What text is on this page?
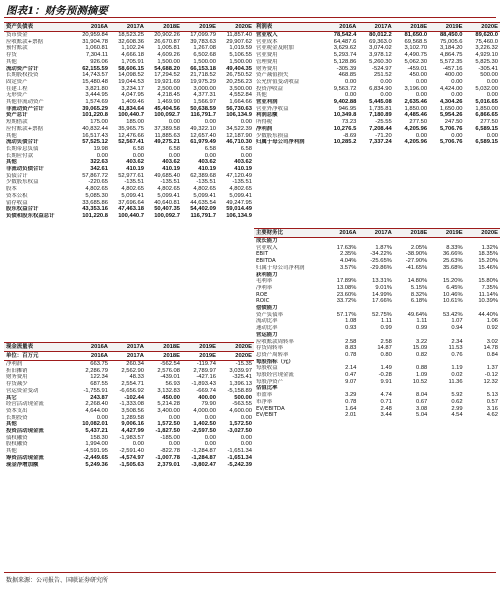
图表1：财务预测摘要
资产负债表	2016A	2017A	2018E	2019E	2020E
货币资金	20,959.84	18,523.25	20,902.26	17,099.79	11,857.40
应收账款+票据	31,904.78	32,608.36	26,670.87	39,783.63	29,907.62
预付账款	1,060.81	1,102.24	1,005.81	1,267.08	1,019.59
存货	7,304.11	4,666.18	4,609.26	6,502.68	5,106.55
其他	926.06	1,705.91	1,500.00	1,500.00	1,500.00
流动资产合计	62,155.59	58,606.15	54,688.20	66,153.18	49,404.35
长期股权投资	14,743.57	14,098.52	17,294.52	21,718.52	26,750.52
固定资产	15,480.48	19,044.53	19,921.69	19,975.29	20,256.23
在建工程	3,821.80	3,234.17	2,500.00	3,000.00	3,500.00
无形资产	3,444.95	4,047.95	4,218.45	4,377.31	4,552.84
其他非流动资产	1,574.69	1,409.46	1,469.90	1,566.97	1,664.66
非流动资产合计	39,065.29	41,834.64	45,404.56	50,638.59	56,730.63
资产总计	101,220.8	100,440.7	100,092.7	116,791.7	106,134.9
短期借款	175.00	185.00	0.00	0.00	0.00
应付账款+票据	40,832.44	35,965.75	37,389.58	49,322.10	34,522.39
其他	16,517.43	12,476.66	11,885.63	12,657.40	12,187.90
流动负债合计	57,525.12	52,567.41	49,275.21	61,979.49	46,710.30
长期带息负债	19.98	6.58	6.58	6.58	6.58
长期应付款	0.00	0.00	0.00	0.00	0.00
其他	322.63	403.62	403.62	403.62	403.62
非流动负债合计	342.61	410.19	410.19	410.19	410.19
负债合计	57,867.72	52,977.61	49,685.40	62,389.68	47,120.49
少数股东权益	-220.65	-135.51	-135.51	-135.51	-135.51
股本	4,802.65	4,802.65	4,802.65	4,802.65	4,802.65
资本公积	5,085.30	5,099.41	5,099.41	5,099.41	5,099.41
留存收益	33,685.86	37,696.64	40,640.81	44,635.54	49,247.95
股东权益合计	43,353.16	47,463.18	50,407.35	54,402.09	59,014.49
负债和股东权益总计	101,220.8	100,440.7	100,092.7	116,791.7	106,134.9
现金流量表	2016A	2017A	2018E	2019E	2020E
单位：百万元	2016A	2017A	2018E	2019E	2020E
净利润	663.75	260.34	-562.54	-119.74	-15.35
折旧摊销	2,286.79	2,562.90	2,576.08	2,789.97	3,039.97
财务费用	122.34	48.33	-439.01	-427.16	-325.41
存货减少	687.55	2,554.71	56.93	-1,893.43	1,396.13
营运资金变动	-1,755.91	-6,656.92	3,132.83	-669.74	-5,158.89
其它	243.87	-102.44	450.00	400.00	500.00
经营活动现金流	2,268.40	-1,333.08	5,214.28	79.90	-563.55
资本支出	4,644.00	3,508.56	3,400.00	4,000.00	4,600.00
长期投资	0.00	1,289.58	0.00	0.00	0.00
其他	10,082.01	9,006.16	1,572.50	1,402.50	1,572.50
投资活动现金流	5,437.21	4,427.99	-1,827.50	-2,597.50	-3,027.50
债权融资	158.30	-1,983.57	-185.00	0.00	0.00
股权融资	1,994.00	0.00	0.00	0.00	0.00
其他	-4,591.95	-2,591.40	-822.78	-1,284.87	-1,651.34
筹资活动现金流	-2,449.65	-4,574.97	-1,007.78	-1,284.87	-1,651.34
现金净增加额	5,249.36	-1,505.63	2,379.01	-3,802.47	-5,242.39
利润表	2016A	2017A	2018E	2019E	2020E
营业收入	78,542.4	80,012.2	81,650.0	88,450.0	89,620.0
营业成本	64,487.6	69,363.0	69,568.5	75,005.6	75,460.0
营业税金及附加	3,629.62	3,074.02	3,102.70	3,184.20	3,226.32
营业费用	5,293.74	3,978.12	4,490.75	4,864.75	4,929.10
管理费用	5,128.86	5,260.30	5,062.30	5,572.35	5,825.30
财务费用	-305.39	-524.97	-459.01	-457.16	-305.41
资产减值损失	468.85	251.52	450.00	400.00	500.00
公允价值变动收益	0.00	0.00	0.00	0.00	0.00
投资净收益	9,563.72	6,834.90	3,196.00	4,424.00	5,032.00
其他	0.00	0.00	0.00	0.00	0.00
营业利润	9,402.88	5,445.08	2,635.46	4,304.26	5,016.65
营业外净收益	946.95	1,735.81	1,850.00	1,650.00	1,850.00
利润总额	10,349.8	7,180.89	4,485.46	5,954.26	6,866.65
所得税	73.23	-25.55	277.50	247.50	277.50
净利润	10,276.5	7,208.44	4,205.96	5,706.76	6,589.15
少数股东损益	-8.69	-71.20	0.00	0.00	0.00
归属于母公司净利润	10,285.2	7,337.24	4,205.96	5,706.76	6,589.15
主要财务比	2016A	2017A	2018E	2019E	2020E
成长能力					
营业收入	17.63%	1.87%	2.05%	8.33%	1.32%
EBIT	2.35%	-34.22%	-38.90%	36.66%	18.35%
EBITDA	4.04%	-25.65%	-27.90%	25.63%	15.20%
归属于母公司净利润	3.57%	-29.86%	-41.65%	35.68%	15.46%
获利能力					
毛利率	17.89%	13.31%	14.80%	15.20%	15.80%
净利率	13.08%	9.01%	5.15%	6.45%	7.35%
ROE	23.60%	14.99%	8.32%	10.46%	11.14%
ROIC	33.72%	17.66%	6.18%	10.61%	10.39%
偿债能力					
资产负债率	57.17%	52.75%	49.64%	53.42%	44.40%
流动比率	1.08	1.11	1.11	1.07	1.06
速动比率	0.93	0.99	0.99	0.94	0.92
营运能力					
应收账款周转率	2.58	2.58	3.22	2.34	3.02
存货周转率	8.83	14.87	15.09	11.53	14.78
总资产周转率	0.78	0.80	0.82	0.76	0.84
每股指标（元）					
每股收益	2.14	1.49	0.88	1.19	1.37
每股经营现金流	0.47	-0.28	1.09	0.02	-0.12
每股净资产	9.07	9.91	10.52	11.36	12.32
估值比率					
市盈率	3.29	4.74	8.04	5.92	5.13
市净率	0.78	0.71	0.67	0.62	0.57
EV/EBITDA	1.64	2.48	3.08	2.99	3.16
EV/EBIT	2.01	3.44	5.04	4.54	4.62
数据来源：公司报告、国联证券研究所
